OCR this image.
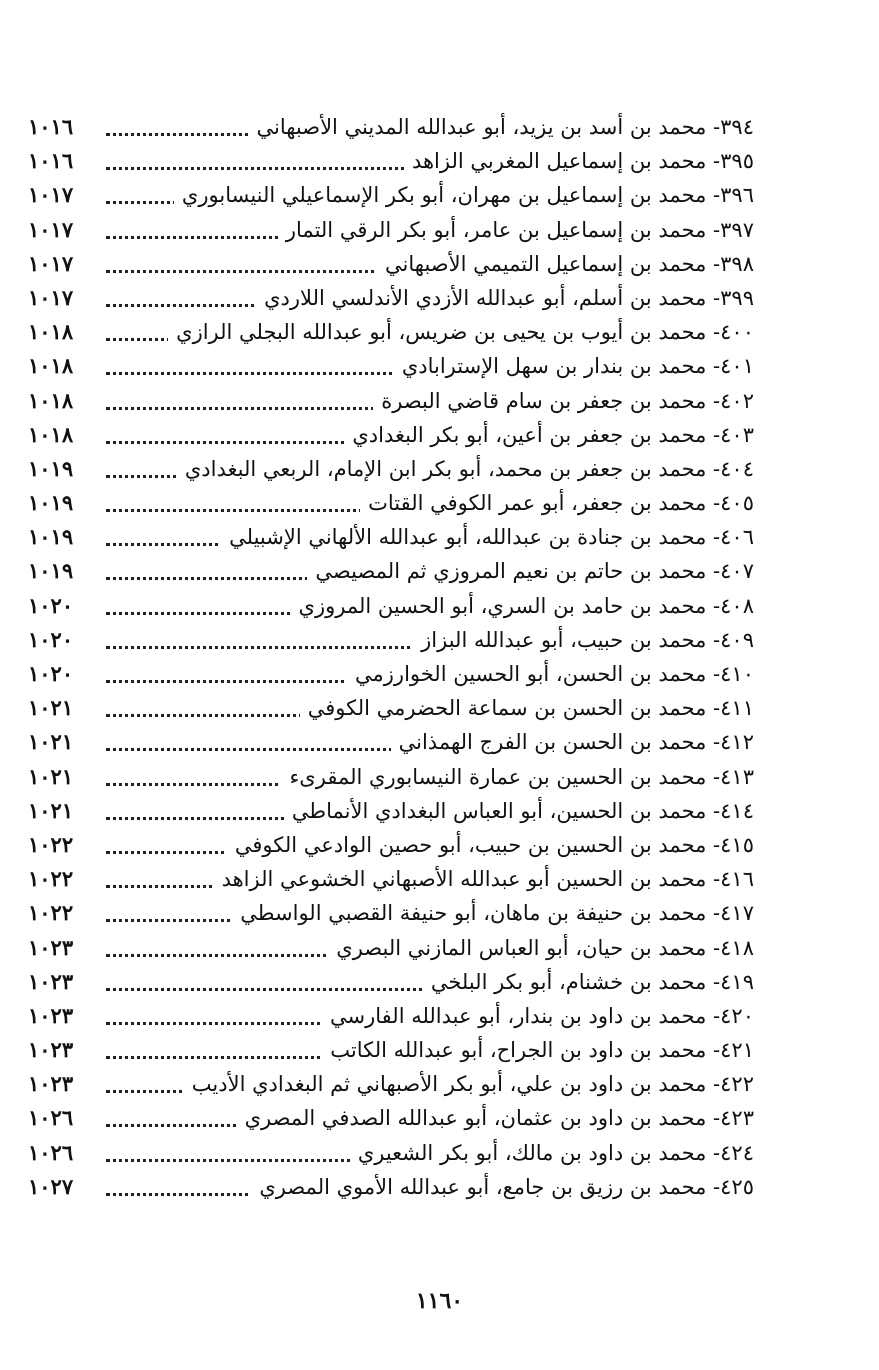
٣٩٤- محمد بن أسد بن يزيد، أبو عبدالله المديني الأصبهاني
١٠١٦
٣٩٥- محمد بن إسماعيل المغربي الزاهد
١٠١٦
٣٩٦- محمد بن إسماعيل بن مهران، أبو بكر الإسماعيلي النيسابوري
١٠١٧
٣٩٧- محمد بن إسماعيل بن عامر، أبو بكر الرقي التمار
١٠١٧
٣٩٨- محمد بن إسماعيل التميمي الأصبهاني
١٠١٧
٣٩٩- محمد بن أسلم، أبو عبدالله الأزدي الأندلسي اللاردي
١٠١٧
٤٠٠- محمد بن أيوب بن يحيى بن ضريس، أبو عبدالله البجلي الرازي
١٠١٨
٤٠١- محمد بن بندار بن سهل الإسترابادي
١٠١٨
٤٠٢- محمد بن جعفر بن سام قاضي البصرة
١٠١٨
٤٠٣- محمد بن جعفر بن أعين، أبو بكر البغدادي
١٠١٨
٤٠٤- محمد بن جعفر بن محمد، أبو بكر ابن الإمام، الربعي البغدادي
١٠١٩
٤٠٥- محمد بن جعفر، أبو عمر الكوفي القتات
١٠١٩
٤٠٦- محمد بن جنادة بن عبدالله، أبو عبدالله الألهاني الإشبيلي
١٠١٩
٤٠٧- محمد بن حاتم بن نعيم المروزي ثم المصيصي
١٠١٩
٤٠٨- محمد بن حامد بن السري، أبو الحسين المروزي
١٠٢٠
٤٠٩- محمد بن حبيب، أبو عبدالله البزاز
١٠٢٠
٤١٠- محمد بن الحسن، أبو الحسين الخوارزمي
١٠٢٠
٤١١- محمد بن الحسن بن سماعة الحضرمي الكوفي
١٠٢١
٤١٢- محمد بن الحسن بن الفرج الهمذاني
١٠٢١
٤١٣- محمد بن الحسين بن عمارة النيسابوري المقرىء
١٠٢١
٤١٤- محمد بن الحسين، أبو العباس البغدادي الأنماطي
١٠٢١
٤١٥- محمد بن الحسين بن حبيب، أبو حصين الوادعي الكوفي
١٠٢٢
٤١٦- محمد بن الحسين أبو عبدالله الأصبهاني الخشوعي الزاهد
١٠٢٢
٤١٧- محمد بن حنيفة بن ماهان، أبو حنيفة القصبي الواسطي
١٠٢٢
٤١٨- محمد بن حيان، أبو العباس المازني البصري
١٠٢٣
٤١٩- محمد بن خشنام، أبو بكر البلخي
١٠٢٣
٤٢٠- محمد بن داود بن بندار، أبو عبدالله الفارسي
١٠٢٣
٤٢١- محمد بن داود بن الجراح، أبو عبدالله الكاتب
١٠٢٣
٤٢٢- محمد بن داود بن علي، أبو بكر الأصبهاني ثم البغدادي الأديب
١٠٢٣
٤٢٣- محمد بن داود بن عثمان، أبو عبدالله الصدفي المصري
١٠٢٦
٤٢٤- محمد بن داود بن مالك، أبو بكر الشعيري
١٠٢٦
٤٢٥- محمد بن رزيق بن جامع، أبو عبدالله الأموي المصري
١٠٢٧
١١٦٠
